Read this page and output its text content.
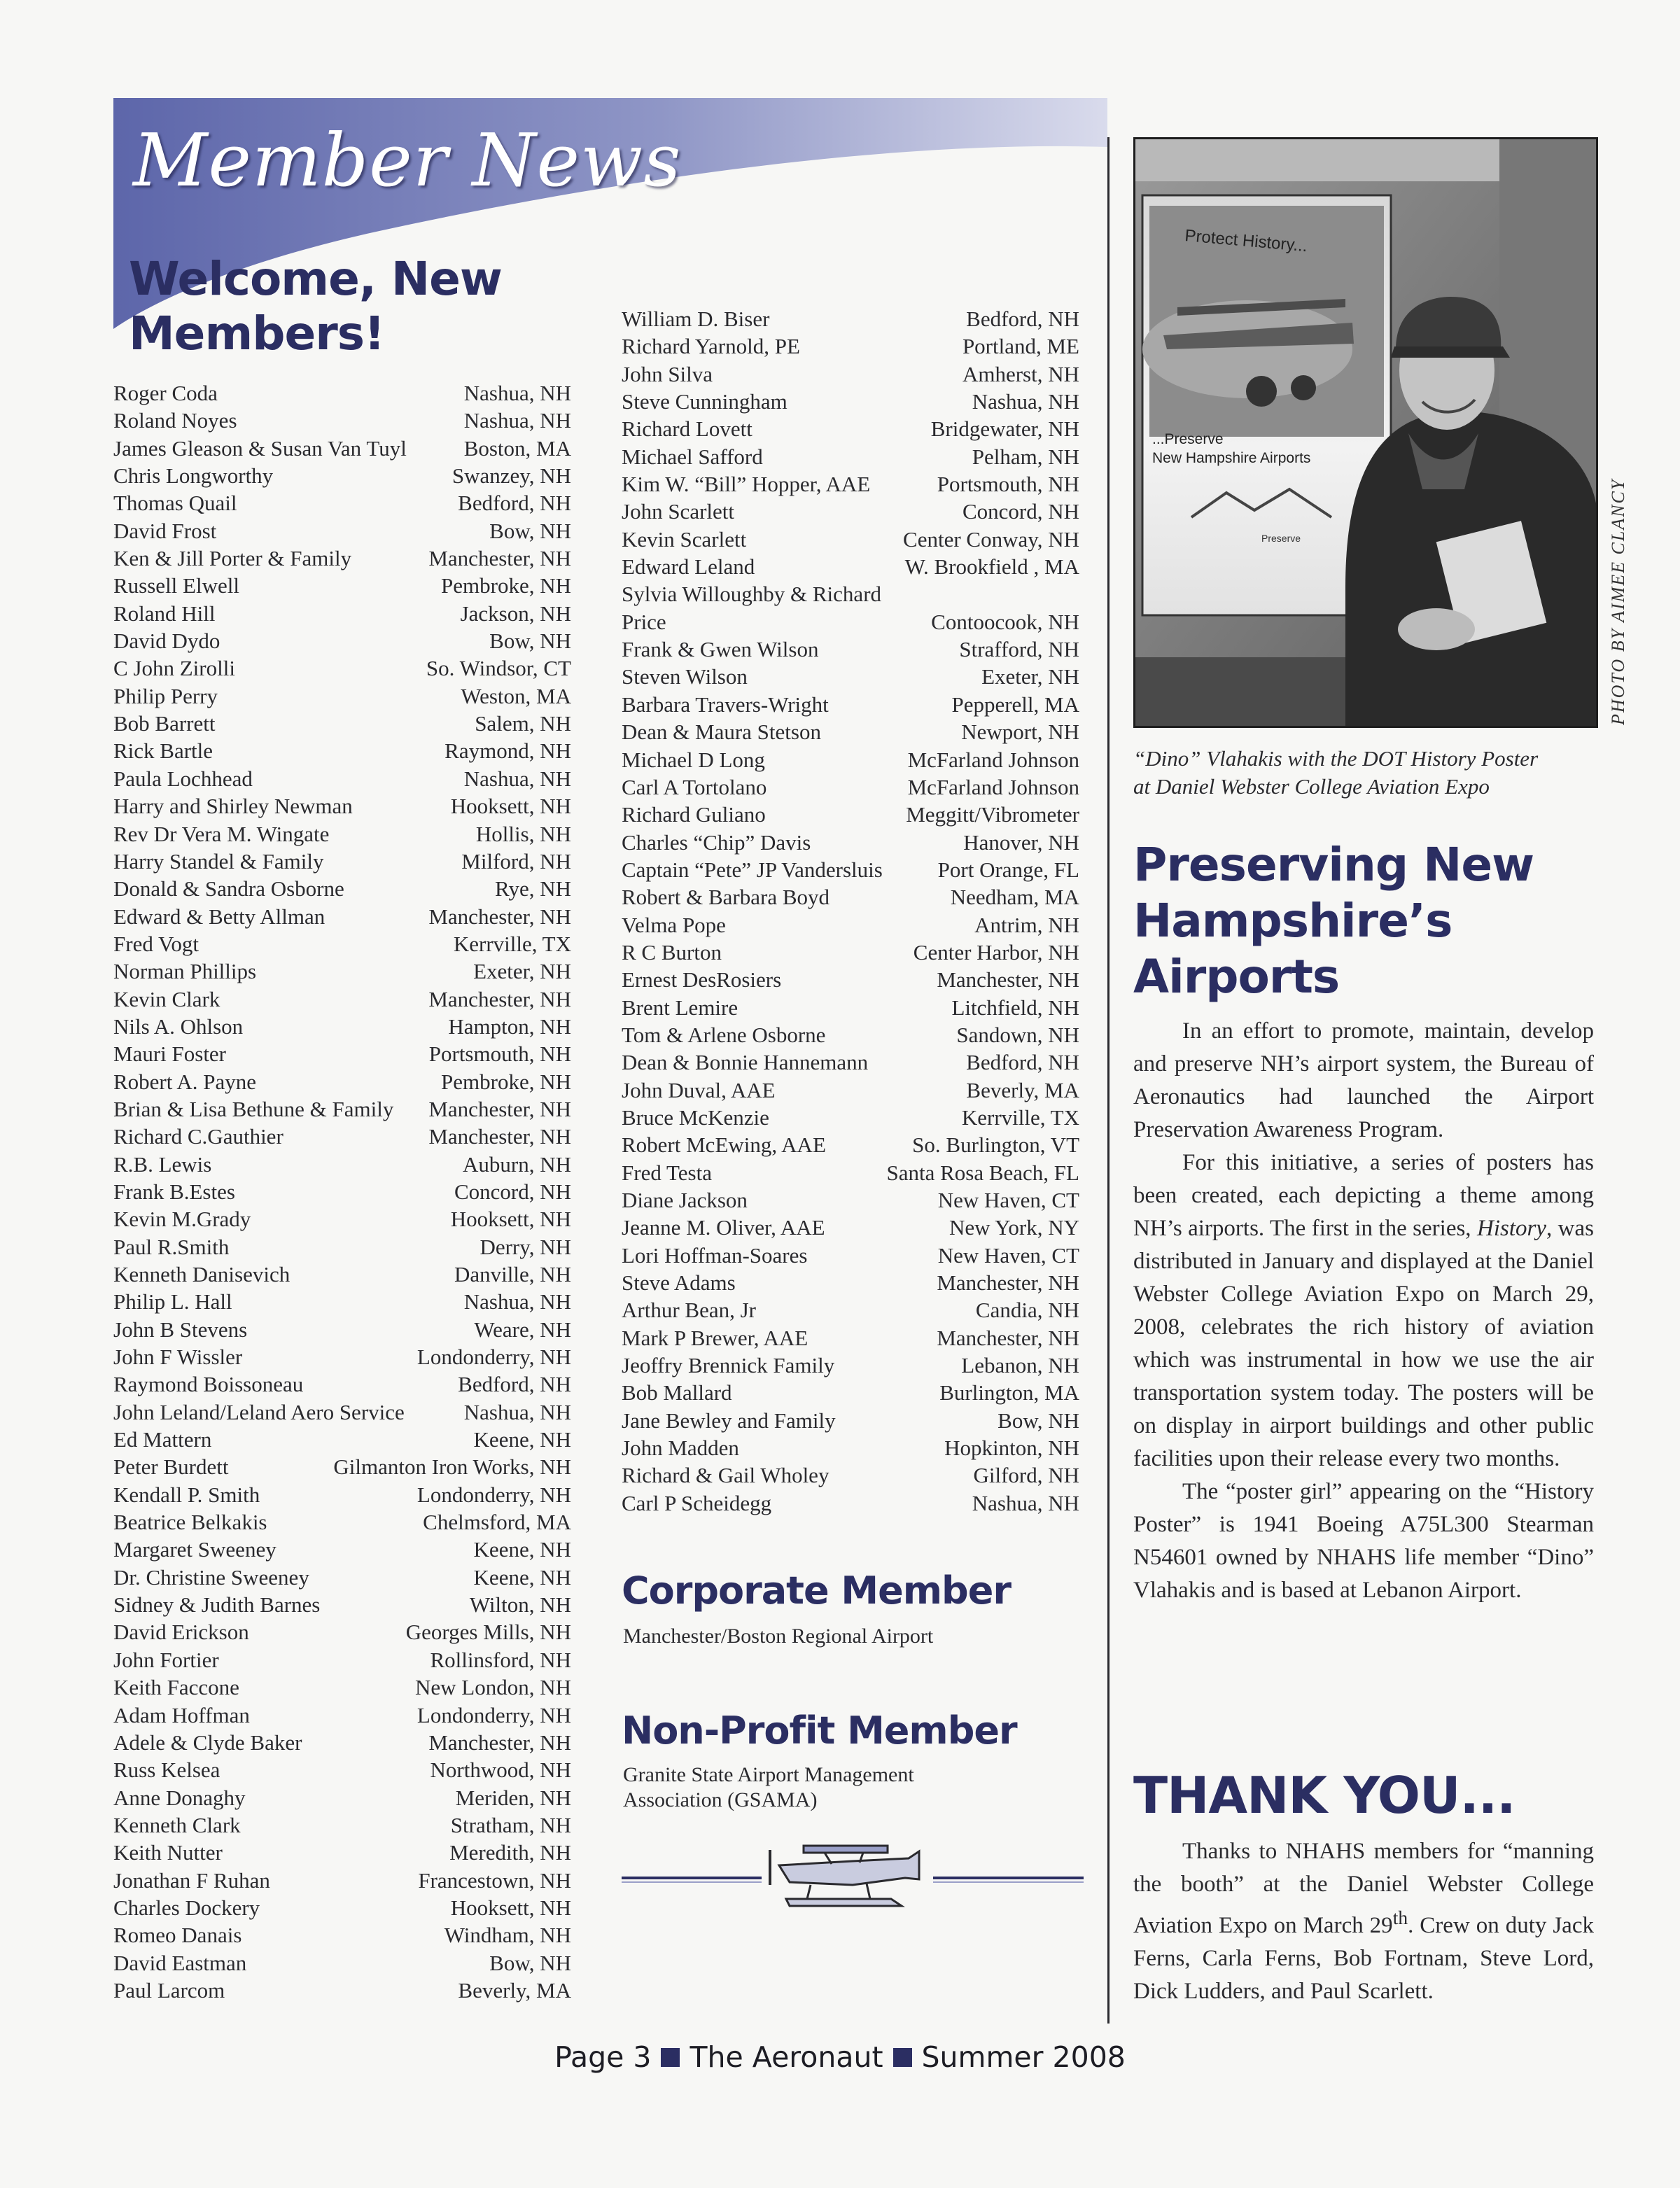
Member News
Welcome, New
Members!
Roger Coda	Nashua, NH
Roland Noyes	Nashua, NH
James Gleason & Susan Van Tuyl	Boston, MA
Chris Longworthy	Swanzey, NH
Thomas Quail	Bedford, NH
David Frost	Bow, NH
Ken & Jill Porter & Family	Manchester, NH
Russell Elwell	Pembroke, NH
Roland Hill	Jackson, NH
David Dydo	Bow, NH
C John Zirolli	So. Windsor, CT
Philip Perry	Weston, MA
Bob Barrett	Salem, NH
Rick Bartle	Raymond, NH
Paula Lochhead	Nashua, NH
Harry and Shirley Newman	Hooksett, NH
Rev Dr Vera M. Wingate	Hollis, NH
Harry Standel & Family	Milford, NH
Donald & Sandra Osborne	Rye, NH
Edward & Betty Allman	Manchester, NH
Fred Vogt	Kerrville, TX
Norman Phillips	Exeter, NH
Kevin Clark	Manchester, NH
Nils A. Ohlson	Hampton, NH
Mauri Foster	Portsmouth, NH
Robert A. Payne	Pembroke, NH
Brian & Lisa Bethune & Family Manchester, NH
Richard C.Gauthier	Manchester, NH
R.B. Lewis	Auburn, NH
Frank B.Estes	Concord, NH
Kevin M.Grady	Hooksett, NH
Paul R.Smith	Derry, NH
Kenneth Danisevich	Danville, NH
Philip L. Hall	Nashua, NH
John B Stevens	Weare, NH
John F Wissler	Londonderry, NH
Raymond Boissoneau	Bedford, NH
John Leland/Leland Aero Service	Nashua, NH
Ed Mattern	Keene, NH
Peter Burdett	Gilmanton Iron Works, NH
Kendall P. Smith	Londonderry, NH
Beatrice Belkakis	Chelmsford, MA
Margaret Sweeney	Keene, NH
Dr. Christine Sweeney	Keene, NH
Sidney & Judith Barnes	Wilton, NH
David Erickson	Georges Mills, NH
John Fortier	Rollinsford, NH
Keith Faccone	New London, NH
Adam Hoffman	Londonderry, NH
Adele & Clyde Baker	Manchester, NH
Russ Kelsea	Northwood, NH
Anne Donaghy	Meriden, NH
Kenneth Clark	Stratham, NH
Keith Nutter	Meredith, NH
Jonathan F Ruhan	Francestown, NH
Charles Dockery	Hooksett, NH
Romeo Danais	Windham, NH
David Eastman	Bow, NH
Paul Larcom	Beverly, MA
William D. Biser	Bedford, NH
Richard Yarnold, PE	Portland, ME
John Silva	Amherst, NH
Steve Cunningham	Nashua, NH
Richard Lovett	Bridgewater, NH
Michael Safford	Pelham, NH
Kim W. “Bill” Hopper, AAE	Portsmouth, NH
John Scarlett	Concord, NH
Kevin Scarlett	Center Conway, NH
Edward Leland	W. Brookfield , MA
Sylvia Willoughby & Richard
Price	Contoocook, NH
Frank & Gwen Wilson	Strafford, NH
Steven Wilson	Exeter, NH
Barbara Travers-Wright	Pepperell, MA
Dean & Maura Stetson	Newport, NH
Michael D Long	McFarland Johnson
Carl A Tortolano	McFarland Johnson
Richard Guliano	Meggitt/Vibrometer
Charles “Chip” Davis	Hanover, NH
Captain “Pete” JP Vandersluis	Port Orange, FL
Robert & Barbara Boyd	Needham, MA
Velma Pope	Antrim, NH
R C Burton	Center Harbor, NH
Ernest DesRosiers	Manchester, NH
Brent Lemire	Litchfield, NH
Tom & Arlene Osborne	Sandown, NH
Dean & Bonnie Hannemann	Bedford, NH
John Duval, AAE	Beverly, MA
Bruce McKenzie	Kerrville, TX
Robert McEwing, AAE	So. Burlington, VT
Fred Testa	Santa Rosa Beach, FL
Diane Jackson	New Haven, CT
Jeanne M. Oliver, AAE	New York, NY
Lori Hoffman-Soares	New Haven, CT
Steve Adams	Manchester, NH
Arthur Bean, Jr	Candia, NH
Mark P Brewer, AAE	Manchester, NH
Jeoffry Brennick Family	Lebanon, NH
Bob Mallard	Burlington, MA
Jane Bewley and Family	Bow, NH
John Madden	Hopkinton, NH
Richard & Gail Wholey	Gilford, NH
Carl P Scheidegg	Nashua, NH
Corporate Member

Manchester/Boston Regional Airport

Non-Profit Member

Granite State Airport Management
Association (GSAMA)

Protect History...
...Preserve
New Hampshire Airports
Preserve	PHOTO BY AIMEE CLANCY

“Dino” Vlahakis with the DOT History Poster
at Daniel Webster College Aviation Expo

Preserving New
Hampshire’s
Airports

In an effort to promote, maintain, develop and preserve NH’s airport system, the Bureau of Aeronautics had launched the Airport Preservation Awareness Program.

For this initiative, a series of posters has been created, each depicting a theme among NH’s airports. The first in the series, History, was distributed in January and displayed at the Daniel Webster College Aviation Expo on March 29, 2008, celebrates the rich history of aviation which was instrumental in how we use the air transportation system today. The posters will be on display in airport buildings and other public facilities upon their release every two months.

The “poster girl” appearing on the “History Poster” is 1941 Boeing A75L300 Stearman N54601 owned by NHAHS life member “Dino” Vlahakis and is based at Lebanon Airport.

THANK YOU...

Thanks to NHAHS members for “manning the booth” at the Daniel Webster College Aviation Expo on March 29th. Crew on duty Jack Ferns, Carla Ferns, Bob Fortnam, Steve Lord, Dick Ludders, and Paul Scarlett.

Page 3 The Aeronaut Summer 2008
